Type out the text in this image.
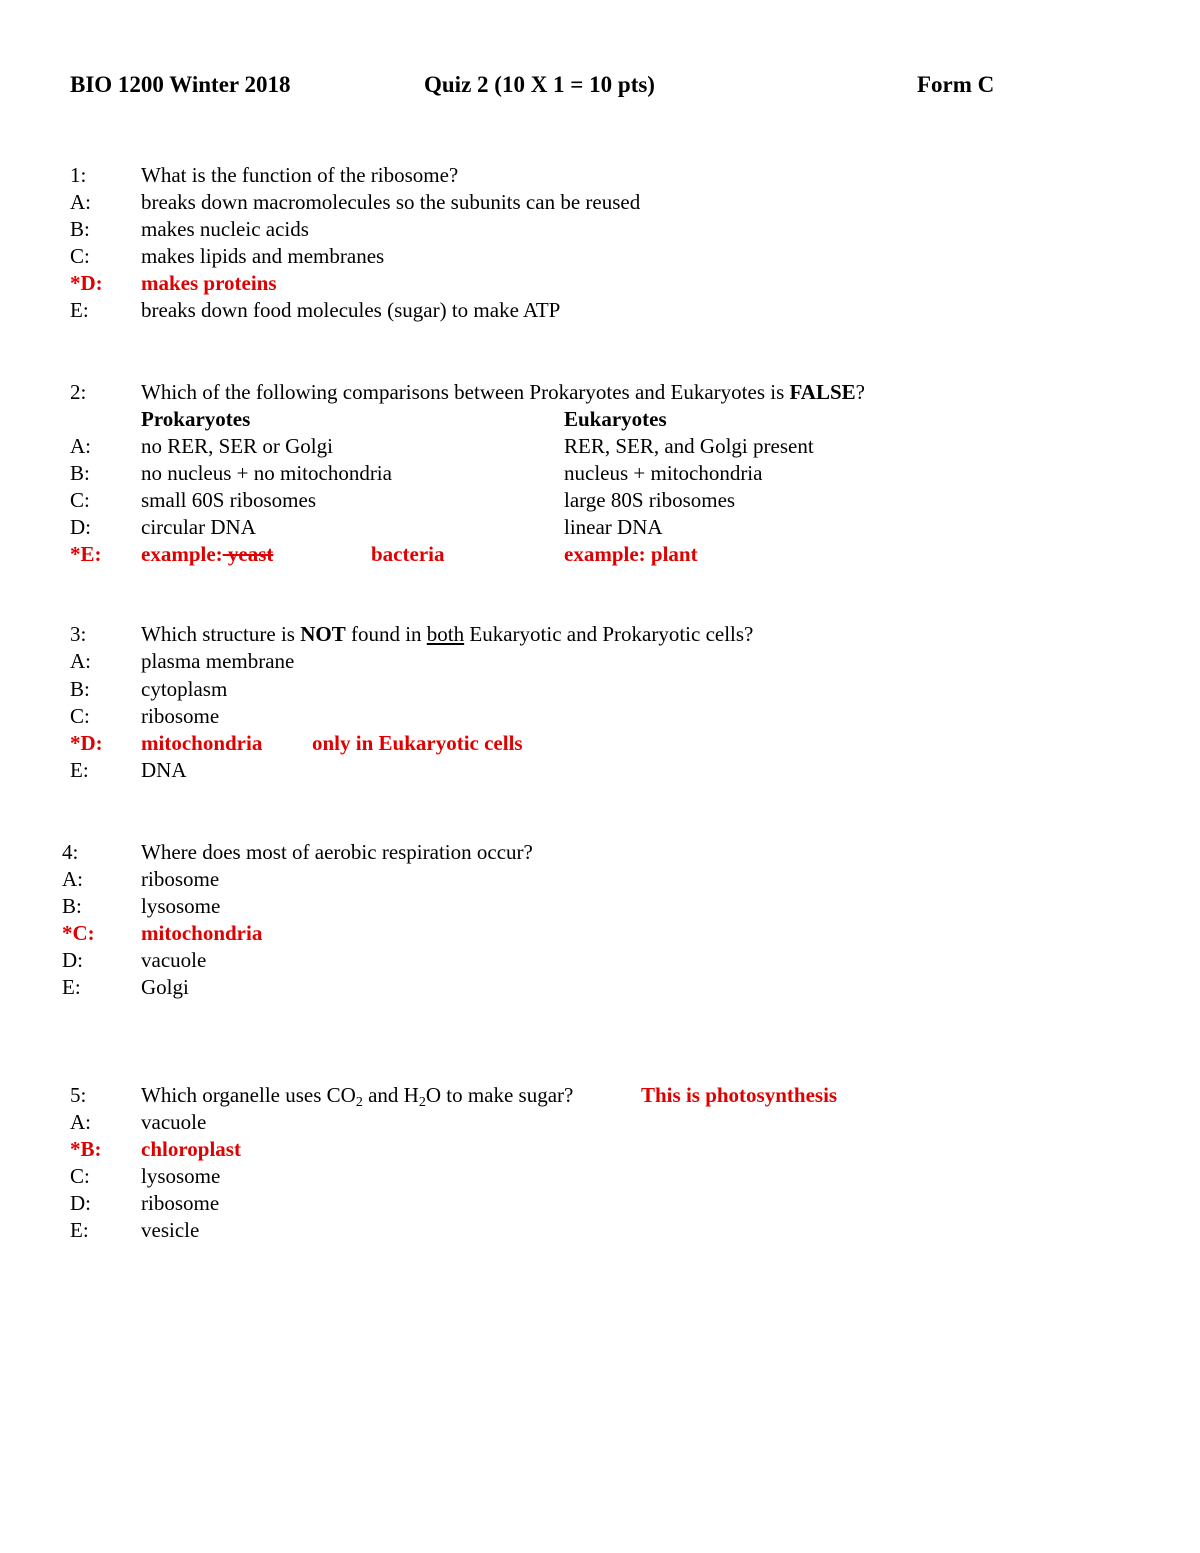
BIO 1200 Winter 2018	Quiz 2 (10 X 1 = 10 pts)	Form C
1:	What is the function of the ribosome?
A: breaks down macromolecules so the subunits can be reused
B: makes nucleic acids
C: makes lipids and membranes
*D: makes proteins
E: breaks down food molecules (sugar) to make ATP
2:	Which of the following comparisons between Prokaryotes and Eukaryotes is FALSE?
Prokaryotes	Eukaryotes
A: no RER, SER or Golgi	RER, SER, and Golgi present
B: no nucleus + no mitochondria	nucleus + mitochondria
C: small 60S ribosomes	large 80S ribosomes
D: circular DNA	linear DNA
*E: example: yeast	bacteria	example: plant
3:	Which structure is NOT found in both Eukaryotic and Prokaryotic cells?
A: plasma membrane
B: cytoplasm
C: ribosome
*D: mitochondria only in Eukaryotic cells
E: DNA
4:	Where does most of aerobic respiration occur?
A:	ribosome
B:	lysosome
*C: mitochondria
D:	vacuole
E:	Golgi
5:	Which organelle uses $CO_2$ and $H_2O$ to make sugar?	This is photosynthesis
A: vacuole
*B: chloroplast
C: lysosome
D: ribosome
E: vesicle
